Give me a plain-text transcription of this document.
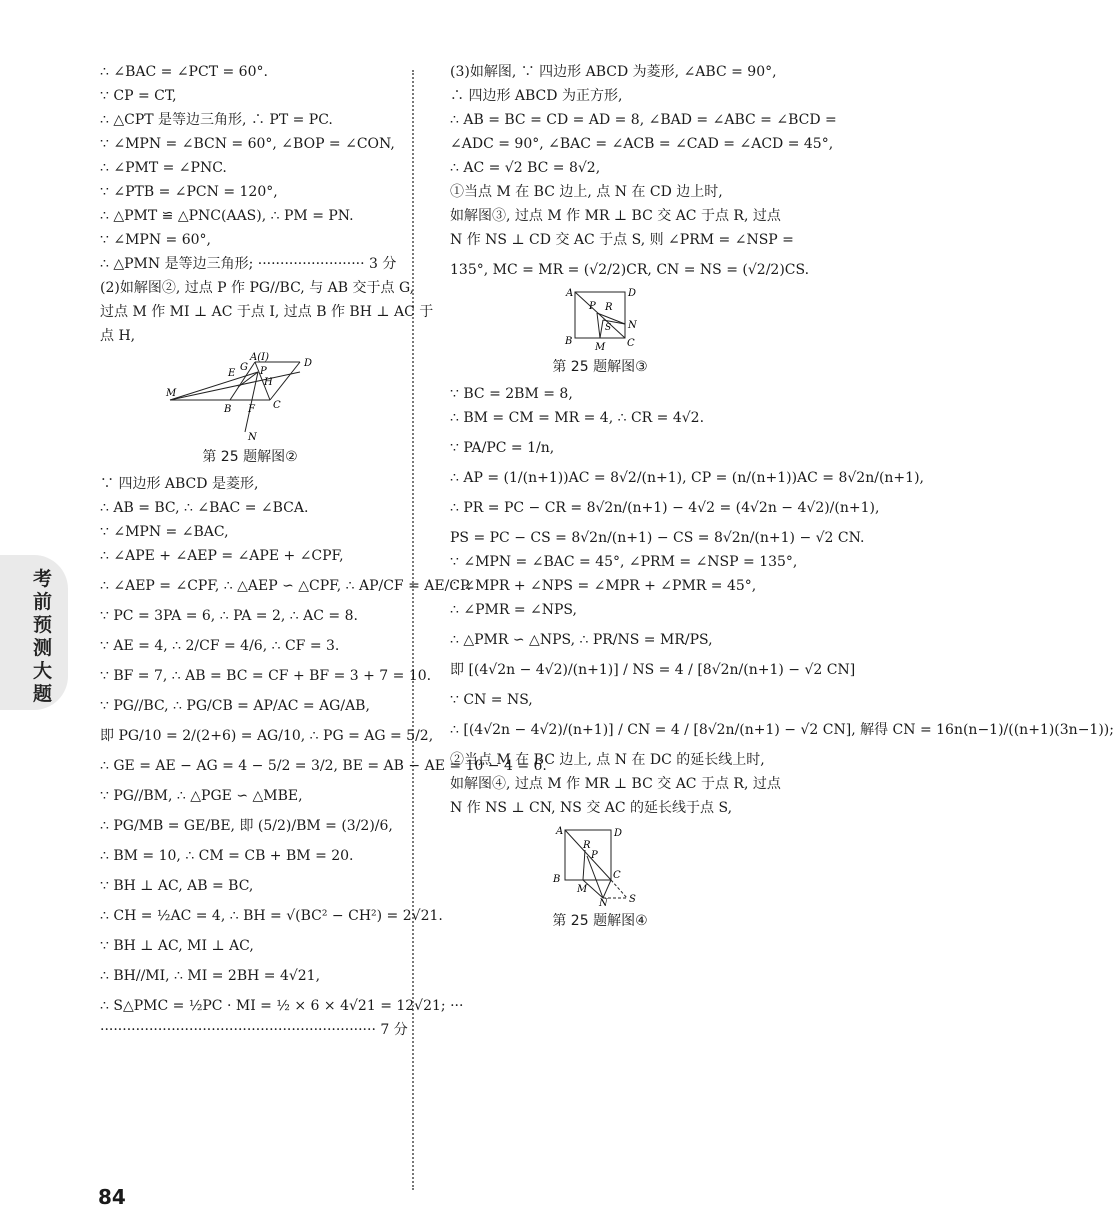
∴ ∠BAC = ∠PCT = 60°.
∵ CP = CT,
∴ △CPT 是等边三角形, ∴ PT = PC.
∵ ∠MPN = ∠BCN = 60°, ∠BOP = ∠CON,
∴ ∠PMT = ∠PNC.
∵ ∠PTB = ∠PCN = 120°,
∴ △PMT ≌ △PNC(AAS), ∴ PM = PN.
∵ ∠MPN = 60°,
∴ △PMN 是等边三角形; ························ 3 分
(2)如解图②, 过点 P 作 PG//BC, 与 AB 交于点 G,
过点 M 作 MI ⊥ AC 于点 I, 过点 B 作 BH ⊥ AC 于
点 H,
A(I)
G
E P
D
H
M
B F C
N
第 25 题解图②
∵ 四边形 ABCD 是菱形,
∴ AB = BC, ∴ ∠BAC = ∠BCA.
∵ ∠MPN = ∠BAC,
∴ ∠APE + ∠AEP = ∠APE + ∠CPF,
∴ ∠AEP = ∠CPF, ∴ △AEP ∽ △CPF, ∴ AP/CF = AE/CP.
∵ PC = 3PA = 6, ∴ PA = 2, ∴ AC = 8.
∵ AE = 4, ∴ 2/CF = 4/6, ∴ CF = 3.
∵ BF = 7, ∴ AB = BC = CF + BF = 3 + 7 = 10.
∵ PG//BC, ∴ PG/CB = AP/AC = AG/AB,
即 PG/10 = 2/(2+6) = AG/10, ∴ PG = AG = 5/2,
∴ GE = AE − AG = 4 − 5/2 = 3/2, BE = AB − AE = 10 − 4 = 6.
∵ PG//BM, ∴ △PGE ∽ △MBE,
∴ PG/MB = GE/BE, 即 (5/2)/BM = (3/2)/6,
∴ BM = 10, ∴ CM = CB + BM = 20.
∵ BH ⊥ AC, AB = BC,
∴ CH = ½AC = 4, ∴ BH = √(BC² − CH²) = 2√21.
∵ BH ⊥ AC, MI ⊥ AC,
∴ BH//MI, ∴ MI = 2BH = 4√21,
∴ S△PMC = ½PC · MI = ½ × 6 × 4√21 = 12√21; ···
······························································ 7 分
(3)如解图, ∵ 四边形 ABCD 为菱形, ∠ABC = 90°,
∴ 四边形 ABCD 为正方形,
∴ AB = BC = CD = AD = 8, ∠BAD = ∠ABC = ∠BCD =
∠ADC = 90°, ∠BAC = ∠ACB = ∠CAD = ∠ACD = 45°,
∴ AC = √2 BC = 8√2,
①当点 M 在 BC 边上, 点 N 在 CD 边上时,
如解图③, 过点 M 作 MR ⊥ BC 交 AC 于点 R, 过点
N 作 NS ⊥ CD 交 AC 于点 S, 则 ∠PRM = ∠NSP =
135°, MC = MR = (√2/2)CR, CN = NS = (√2/2)CS.
A	D
P R
S N
B
M C
第 25 题解图③
∵ BC = 2BM = 8,
∴ BM = CM = MR = 4, ∴ CR = 4√2.
∵ PA/PC = 1/n,
∴ AP = (1/(n+1))AC = 8√2/(n+1), CP = (n/(n+1))AC = 8√2n/(n+1),
∴ PR = PC − CR = 8√2n/(n+1) − 4√2 = (4√2n − 4√2)/(n+1),
PS = PC − CS = 8√2n/(n+1) − CS = 8√2n/(n+1) − √2 CN.
∵ ∠MPN = ∠BAC = 45°, ∠PRM = ∠NSP = 135°,
∴ ∠MPR + ∠NPS = ∠MPR + ∠PMR = 45°,
∴ ∠PMR = ∠NPS,
∴ △PMR ∽ △NPS, ∴ PR/NS = MR/PS,
即 [(4√2n − 4√2)/(n+1)] / NS = 4 / [8√2n/(n+1) − √2 CN]
∵ CN = NS,
∴ [(4√2n − 4√2)/(n+1)] / CN = 4 / [8√2n/(n+1) − √2 CN], 解得 CN = 16n(n−1)/((n+1)(3n−1));
②当点 M 在 BC 边上, 点 N 在 DC 的延长线上时,
如解图④, 过点 M 作 MR ⊥ BC 交 AC 于点 R, 过点
N 作 NS ⊥ CN, NS 交 AC 的延长线于点 S,
A	D
R
P
B
M
C
N S
第 25 题解图④
考前预测大题
84
